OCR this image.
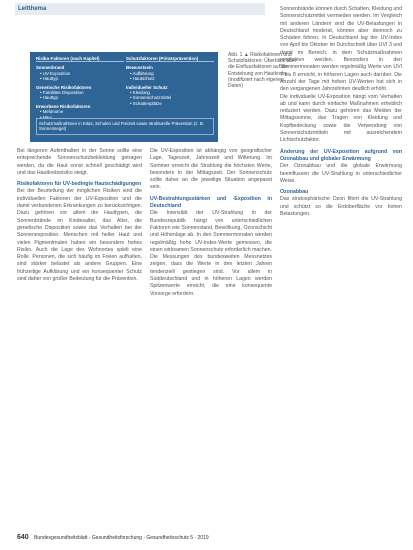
Leitthema
Risiko-Faktoren (nach Kapitel)
Sonnenbrand
• UV-Exposition
• Hauttyp
Genetische Risikofaktoren
• Familiäre Disposition
• Hauttyp
Erworbene Risikofaktoren
• Melanome
• Nävi
Schutzfaktoren (Primärprävention)
Bewusstsein
• Aufklärung
• Hautschutz
Individueller Schutz
• Kleidung
• Sonnenschutzmittel
• Schattenplätze
Schutzmaßnahmen in Kitas, Schulen und Freizeit sowie strukturelle Prävention (z. B. Sonnensegel)
Abb. 1 ▲ Risikofaktoren und Schutzfaktoren: Überblick über die Einflussfaktoren auf die Entstehung von Hautkrebs (modifiziert nach eigenen Daten)

Bei längeren Aufenthalten in der Sonne sollte eine entsprechende Sonnenschutzbekleidung getragen werden, da die Haut sonst schnell geschädigt wird und das Hautkrebsrisiko steigt.

Risikofaktoren für UV-bedingte Hautschädigungen

Bei der Beurteilung der möglichen Risiken sind die individuellen Faktoren der UV-Exposition und die damit verbundenen Erkrankungen zu berücksichtigen. Dazu gehören vor allem die Hauttypen, die Sonnenbrände im Kindesalter, das Alter, die genetische Disposition sowie das Verhalten bei der Sonnenexposition. Menschen mit heller Haut und vielen Pigmentmalen haben ein besonders hohes Risiko. Auch die Lage des Wohnortes spielt eine Rolle. Personen, die sich häufig im Freien aufhalten, sind stärker belastet als andere Gruppen. Eine frühzeitige Aufklärung und ein konsequenter Schutz sind daher von großer Bedeutung für die Prävention.

Die UV-Exposition ist abhängig von geografischer Lage, Tageszeit, Jahreszeit und Witterung. Im Sommer erreicht die Strahlung die höchsten Werte, besonders in der Mittagszeit. Der Sonnenschutz sollte daher an die jeweilige Situation angepasst sein.

UV-Bestrahlungsstärken und -Exposition in Deutschland

Die Intensität der UV-Strahlung in der Bundesrepublik hängt von unterschiedlichen Faktoren wie Sonnenstand, Bewölkung, Ozonschicht und Höhenlage ab. In den Sommermonaten werden regelmäßig hohe UV-Index-Werte gemessen, die einen wirksamen Sonnenschutz erforderlich machen. Die Messungen des bundesweiten Messnetzes zeigen, dass die Werte in den letzten Jahren tendenziell gestiegen sind. Vor allem in Süddeutschland und in höheren Lagen werden Spitzenwerte erreicht, die eine konsequente Vorsorge erfordern.

Sonnenbrände können durch Schatten, Kleidung und Sonnenschutzmittel vermieden werden. Im Vergleich mit anderen Ländern sind die UV-Belastungen in Deutschland moderat, können aber dennoch zu Schäden führen. In Deutschland lag der UV-Index von April bis Oktober im Durchschnitt über UVI 3 und damit im Bereich, in dem Schutzmaßnahmen empfohlen werden. Besonders in den Sommermonaten werden regelmäßig Werte von UVI 7 bis 8 erreicht, in höheren Lagen auch darüber. Die Anzahl der Tage mit hohen UV-Werten hat sich in den vergangenen Jahrzehnten deutlich erhöht.

Die individuelle UV-Exposition hängt vom Verhalten ab und kann durch einfache Maßnahmen erheblich reduziert werden. Dazu gehören das Meiden der Mittagssonne, das Tragen von Kleidung und Kopfbedeckung sowie die Verwendung von Sonnenschutzmitteln mit ausreichendem Lichtschutzfaktor.

Änderung der UV-Exposition aufgrund von Ozonabbau und globaler Erwärmung

Der Ozonabbau und die globale Erwärmung beeinflussen die UV-Strahlung in unterschiedlicher Weise.

Ozonabbau

Das stratosphärische Ozon filtert die UV-Strahlung und schützt so die Erdoberfläche vor hohen Belastungen.

640 Bundesgesundheitsblatt - Gesundheitsforschung - Gesundheitsschutz 5 · 2019
